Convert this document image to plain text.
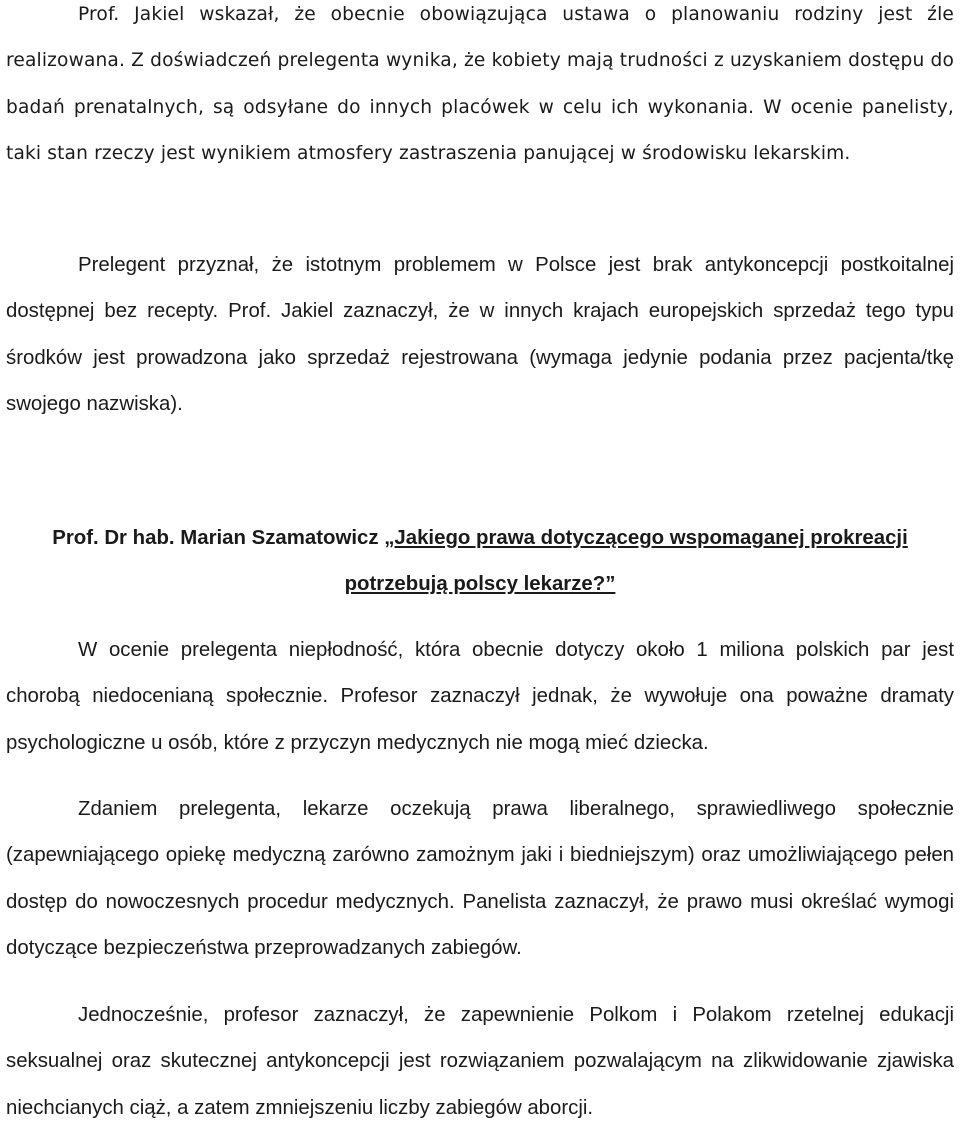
Prof. Jakiel wskazał, że obecnie obowiązująca ustawa o planowaniu rodziny jest źle realizowana. Z doświadczeń prelegenta wynika, że kobiety mają trudności z uzyskaniem dostępu do badań prenatalnych, są odsyłane do innych placówek w celu ich wykonania. W ocenie panelisty, taki stan rzeczy jest wynikiem atmosfery zastraszenia panującej w środowisku lekarskim.

Prelegent przyznał, że istotnym problemem w Polsce jest brak antykoncepcji postkoitalnej dostępnej bez recepty. Prof. Jakiel zaznaczył, że w innych krajach europejskich sprzedaż tego typu środków jest prowadzona jako sprzedaż rejestrowana (wymaga jedynie podania przez pacjenta/tkę swojego nazwiska).

Prof. Dr hab. Marian Szamatowicz „Jakiego prawa dotyczącego wspomaganej prokreacji potrzebują polscy lekarze?”

W ocenie prelegenta niepłodność, która obecnie dotyczy około 1 miliona polskich par jest chorobą niedocenianą społecznie. Profesor zaznaczył jednak, że wywołuje ona poważne dramaty psychologiczne u osób, które z przyczyn medycznych nie mogą mieć dziecka.

Zdaniem prelegenta, lekarze oczekują prawa liberalnego, sprawiedliwego społecznie (zapewniającego opiekę medyczną zarówno zamożnym jaki i biedniejszym) oraz umożliwiającego pełen dostęp do nowoczesnych procedur medycznych. Panelista zaznaczył, że prawo musi określać wymogi dotyczące bezpieczeństwa przeprowadzanych zabiegów.

Jednocześnie, profesor zaznaczył, że zapewnienie Polkom i Polakom rzetelnej edukacji seksualnej oraz skutecznej antykoncepcji jest rozwiązaniem pozwalającym na zlikwidowanie zjawiska niechcianych ciąż, a zatem zmniejszeniu liczby zabiegów aborcji.
